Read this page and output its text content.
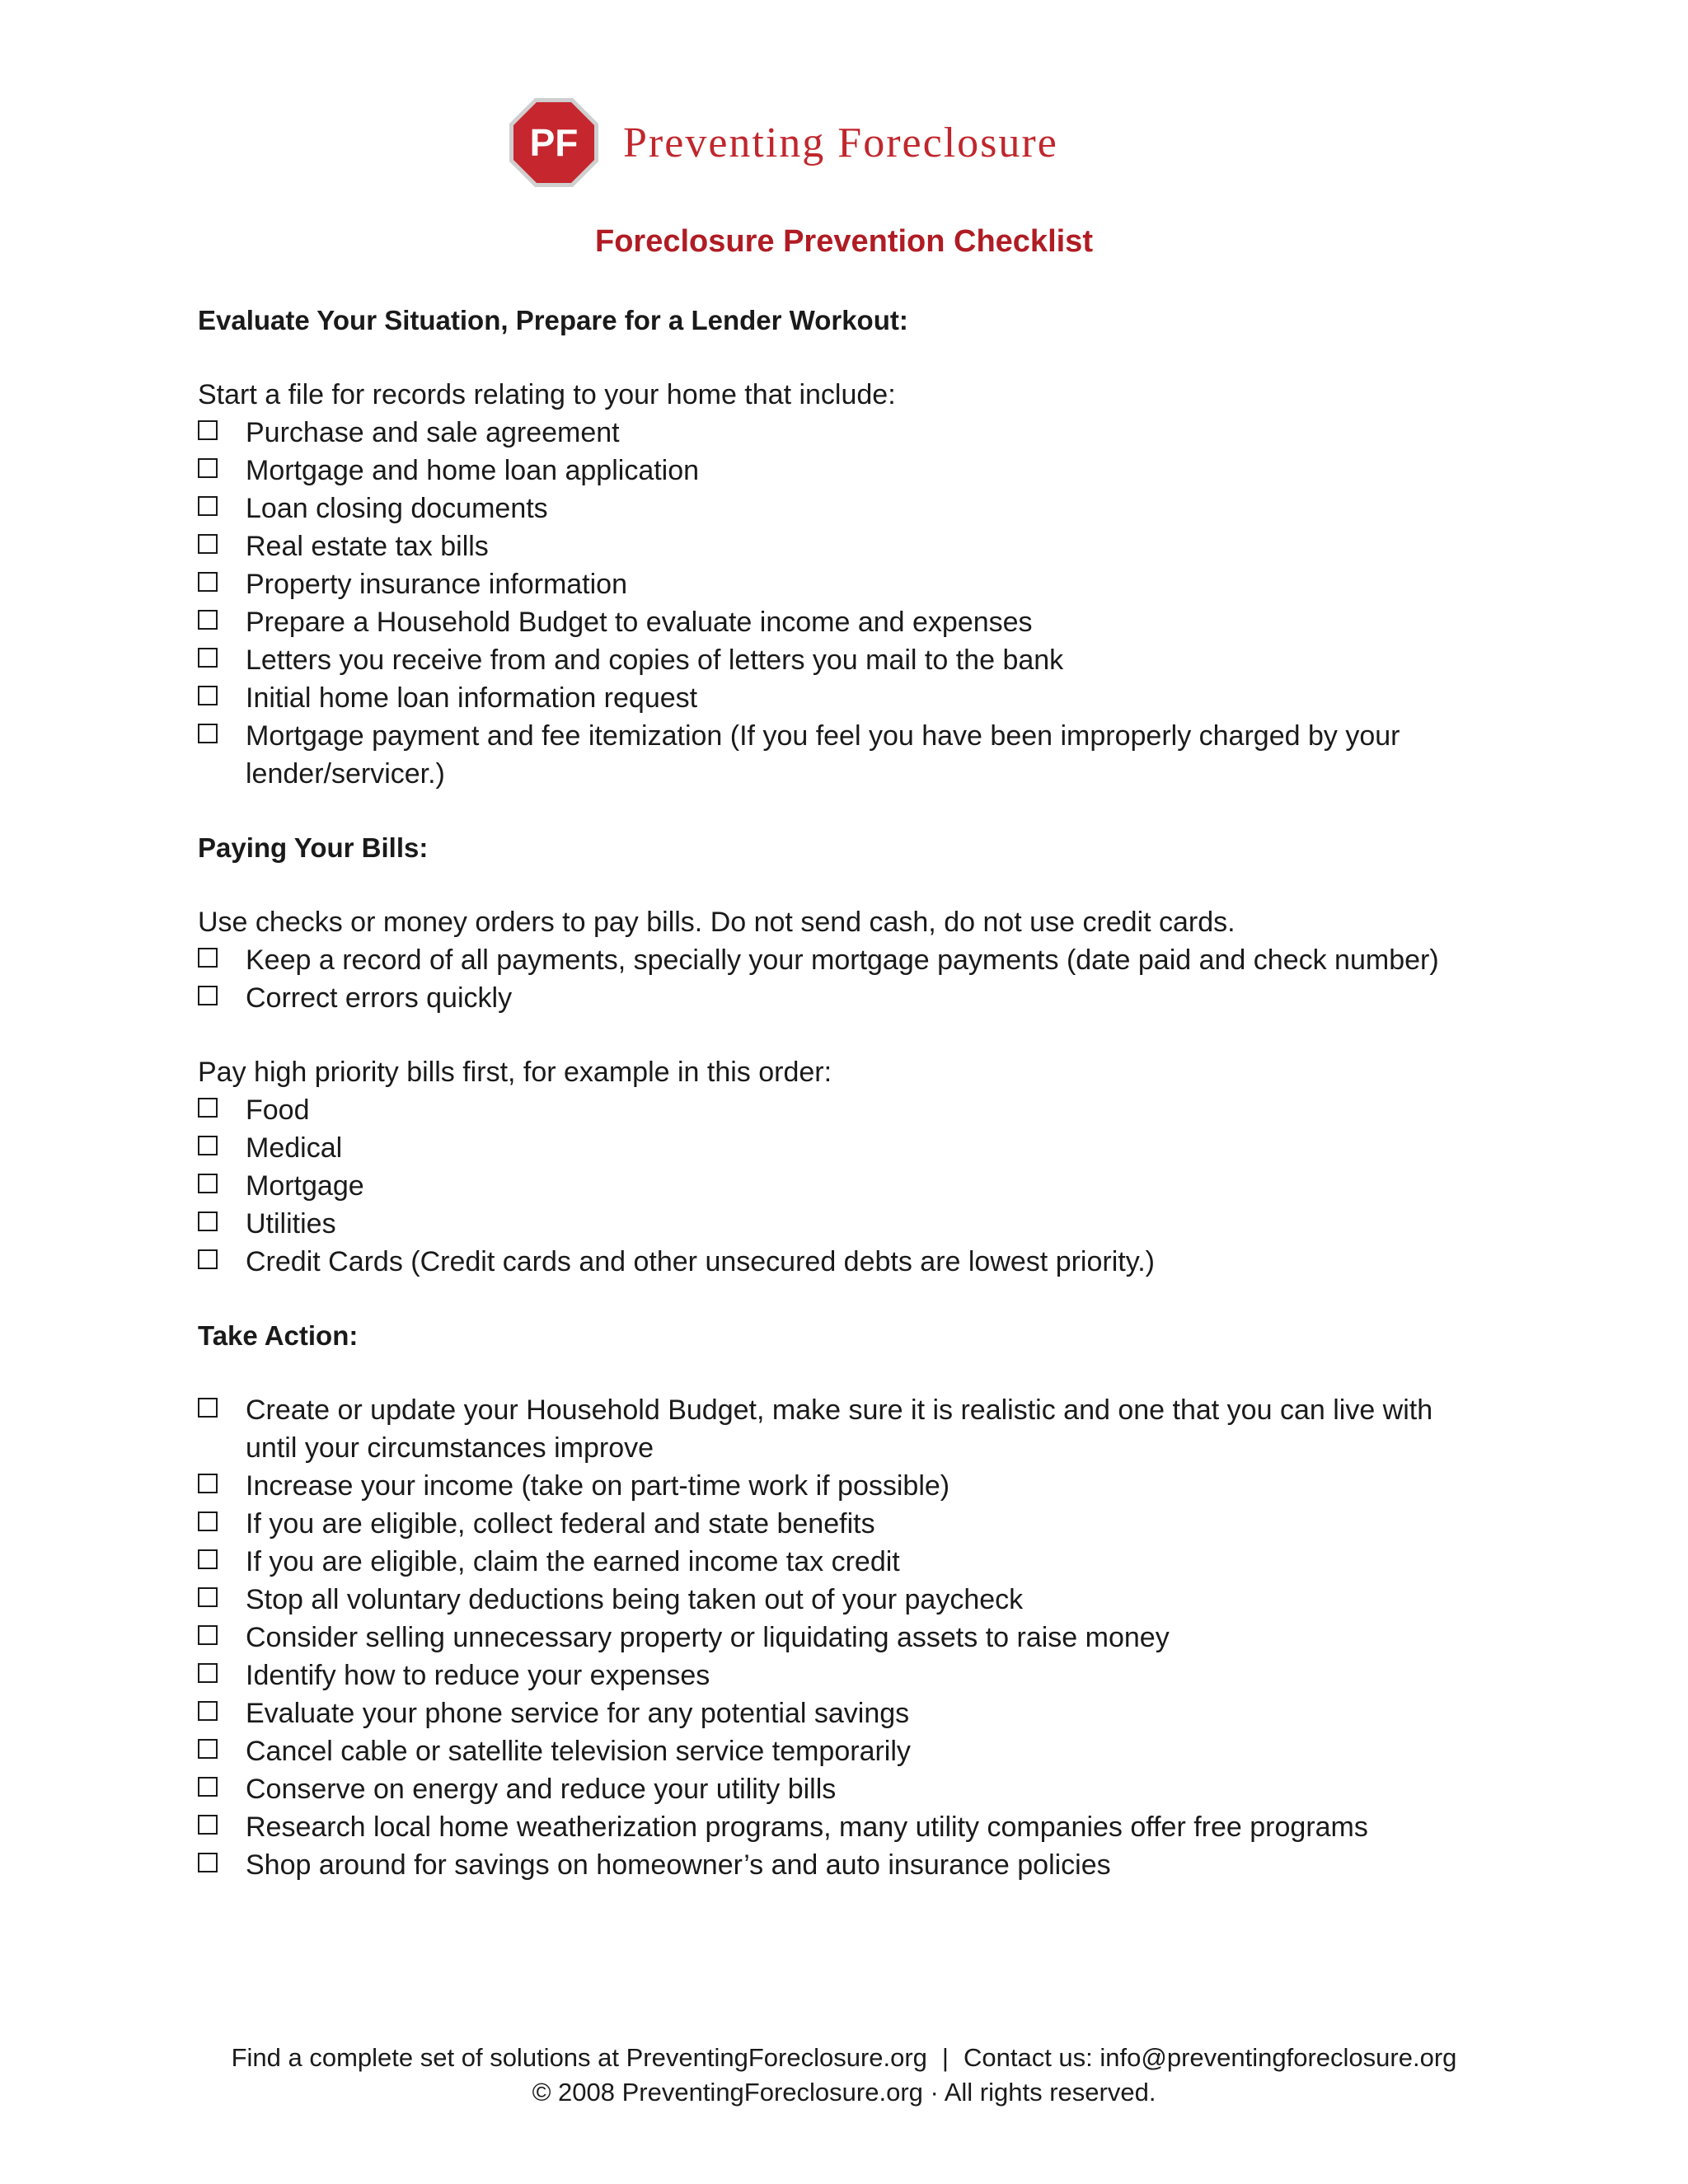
PF Preventing Foreclosure
Foreclosure Prevention Checklist

Evaluate Your Situation, Prepare for a Lender Workout:

Start a file for records relating to your home that include:

Purchase and sale agreement
Mortgage and home loan application
Loan closing documents
Real estate tax bills
Property insurance information
Prepare a Household Budget to evaluate income and expenses
Letters you receive from and copies of letters you mail to the bank
Initial home loan information request
Mortgage payment and fee itemization (If you feel you have been improperly charged by your lender/servicer.)

Paying Your Bills:

Use checks or money orders to pay bills. Do not send cash, do not use credit cards.

Keep a record of all payments, specially your mortgage payments (date paid and check number)
Correct errors quickly

Pay high priority bills first, for example in this order:

Food
Medical
Mortgage
Utilities
Credit Cards (Credit cards and other unsecured debts are lowest priority.)

Take Action:

Create or update your Household Budget, make sure it is realistic and one that you can live with until your circumstances improve
Increase your income (take on part-time work if possible)
If you are eligible, collect federal and state benefits
If you are eligible, claim the earned income tax credit
Stop all voluntary deductions being taken out of your paycheck
Consider selling unnecessary property or liquidating assets to raise money
Identify how to reduce your expenses
Evaluate your phone service for any potential savings
Cancel cable or satellite television service temporarily
Conserve on energy and reduce your utility bills
Research local home weatherization programs, many utility companies offer free programs
Shop around for savings on homeowner’s and auto insurance policies
Find a complete set of solutions at PreventingForeclosure.org | Contact us: info@preventingforeclosure.org
© 2008 PreventingForeclosure.org · All rights reserved.
